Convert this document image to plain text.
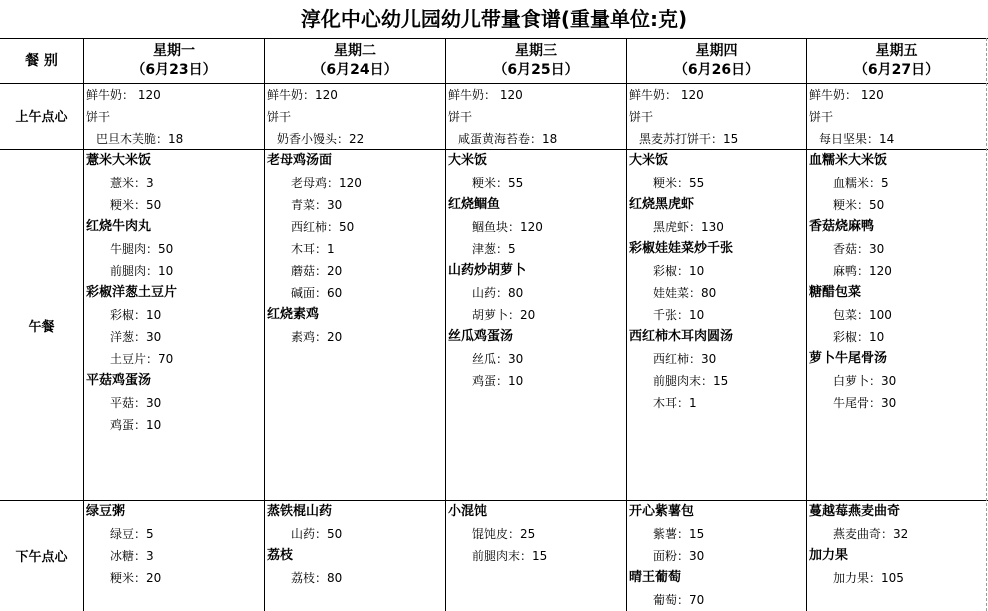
淳化中心幼儿园幼儿带量食谱(重量单位:克)
餐 别
星期一
（6月23日）
星期二
（6月24日）
星期三
（6月25日）
星期四
（6月26日）
星期五
（6月27日）
上午点心
午餐
下午点心
鲜牛奶： 120
饼干
巴旦木芙脆：18
鲜牛奶：120
饼干
奶香小馒头：22
鲜牛奶： 120
饼干
咸蛋黄海苔卷：18
鲜牛奶： 120
饼干
黑麦苏打饼干：15
鲜牛奶： 120
饼干
每日坚果：14
薏米大米饭
薏米：3
粳米：50
红烧牛肉丸
牛腿肉：50
前腿肉：10
彩椒洋葱土豆片
彩椒：10
洋葱：30
土豆片：70
平菇鸡蛋汤
平菇：30
鸡蛋：10
老母鸡汤面
老母鸡：120
青菜：30
西红柿：50
木耳：1
蘑菇：20
碱面：60
红烧素鸡
素鸡：20
大米饭
粳米：55
红烧鲴鱼
鲴鱼块：120
津葱：5
山药炒胡萝卜
山药：80
胡萝卜：20
丝瓜鸡蛋汤
丝瓜：30
鸡蛋：10
大米饭
粳米：55
红烧黑虎虾
黑虎虾：130
彩椒娃娃菜炒千张
彩椒：10
娃娃菜：80
千张：10
西红柿木耳肉圆汤
西红柿：30
前腿肉末：15
木耳：1
血糯米大米饭
血糯米：5
粳米：50
香菇烧麻鸭
香菇：30
麻鸭：120
糖醋包菜
包菜：100
彩椒：10
萝卜牛尾骨汤
白萝卜：30
牛尾骨：30
绿豆粥
绿豆：5
冰糖：3
粳米：20
蒸铁棍山药
山药：50
荔枝
荔枝：80
小混饨
馄饨皮：25
前腿肉末：15
开心紫薯包
紫薯：15
面粉：30
晴王葡萄
葡萄：70
蔓越莓燕麦曲奇
燕麦曲奇：32
加力果
加力果：105
